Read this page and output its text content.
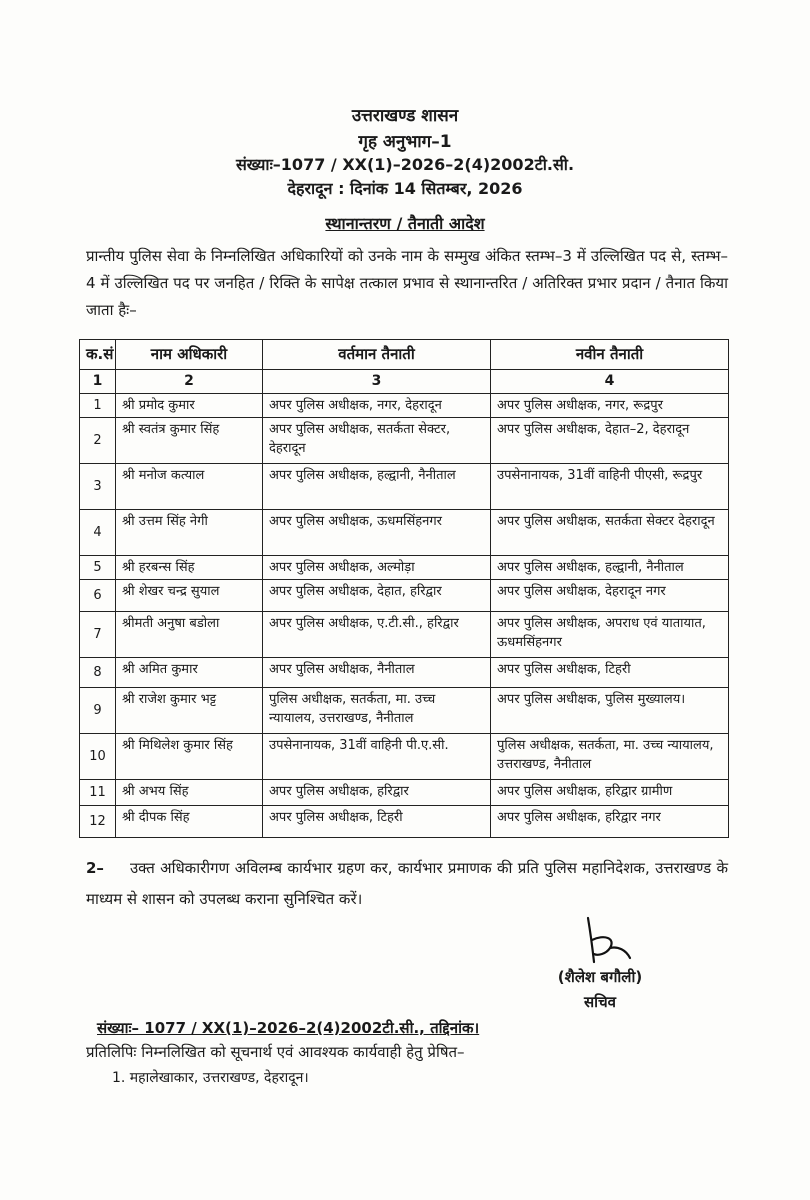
उत्तराखण्ड शासन
गृह अनुभाग–1
संख्याः–1077 / XX(1)–2026–2(4)2002टी.सी.
देहरादून : दिनांक 14 सितम्बर, 2026
स्थानान्तरण / तैनाती आदेश
प्रान्तीय पुलिस सेवा के निम्नलिखित अधिकारियों को उनके नाम के सम्मुख अंकित स्तम्भ–3 में उल्लिखित पद से, स्तम्भ–4 में उल्लिखित पद पर जनहित / रिक्ति के सापेक्ष तत्काल प्रभाव से स्थानान्तरित / अतिरिक्त प्रभार प्रदान / तैनात किया जाता हैः–
क.सं	नाम अधिकारी	वर्तमान तैनाती	नवीन तैनाती
1	2	3	4
1	श्री प्रमोद कुमार	अपर पुलिस अधीक्षक, नगर, देहरादून	अपर पुलिस अधीक्षक, नगर, रूद्रपुर
2	श्री स्वतंत्र कुमार सिंह	अपर पुलिस अधीक्षक, सतर्कता सेक्टर, देहरादून	अपर पुलिस अधीक्षक, देहात–2, देहरादून
3	श्री मनोज कत्याल	अपर पुलिस अधीक्षक, हल्द्वानी, नैनीताल	उपसेनानायक, 31वीं वाहिनी पीएसी, रूद्रपुर
4	श्री उत्तम सिंह नेगी	अपर पुलिस अधीक्षक, ऊधमसिंहनगर	अपर पुलिस अधीक्षक, सतर्कता सेक्टर देहरादून
5	श्री हरबन्स सिंह	अपर पुलिस अधीक्षक, अल्मोड़ा	अपर पुलिस अधीक्षक, हल्द्वानी, नैनीताल
6	श्री शेखर चन्द्र सुयाल	अपर पुलिस अधीक्षक, देहात, हरिद्वार	अपर पुलिस अधीक्षक, देहरादून नगर
7	श्रीमती अनुषा बडोला	अपर पुलिस अधीक्षक, ए.टी.सी., हरिद्वार	अपर पुलिस अधीक्षक, अपराध एवं यातायात, ऊधमसिंहनगर
8	श्री अमित कुमार	अपर पुलिस अधीक्षक, नैनीताल	अपर पुलिस अधीक्षक, टिहरी
9	श्री राजेश कुमार भट्ट	पुलिस अधीक्षक, सतर्कता, मा. उच्च न्यायालय, उत्तराखण्ड, नैनीताल	अपर पुलिस अधीक्षक, पुलिस मुख्यालय।
10	श्री मिथिलेश कुमार सिंह	उपसेनानायक, 31वीं वाहिनी पी.ए.सी.	पुलिस अधीक्षक, सतर्कता, मा. उच्च न्यायालय, उत्तराखण्ड, नैनीताल
11	श्री अभय सिंह	अपर पुलिस अधीक्षक, हरिद्वार	अपर पुलिस अधीक्षक, हरिद्वार ग्रामीण
12	श्री दीपक सिंह	अपर पुलिस अधीक्षक, टिहरी	अपर पुलिस अधीक्षक, हरिद्वार नगर
2– उक्त अधिकारीगण अविलम्ब कार्यभार ग्रहण कर, कार्यभार प्रमाणक की प्रति पुलिस महानिदेशक, उत्तराखण्ड के माध्यम से शासन को उपलब्ध कराना सुनिश्चित करें।
(शैलेश बगौली)
सचिव
संख्याः– 1077 / XX(1)–2026–2(4)2002टी.सी., तद्दिनांक।
प्रतिलिपिः निम्नलिखित को सूचनार्थ एवं आवश्यक कार्यवाही हेतु प्रेषित–
1. महालेखाकार, उत्तराखण्ड, देहरादून।
